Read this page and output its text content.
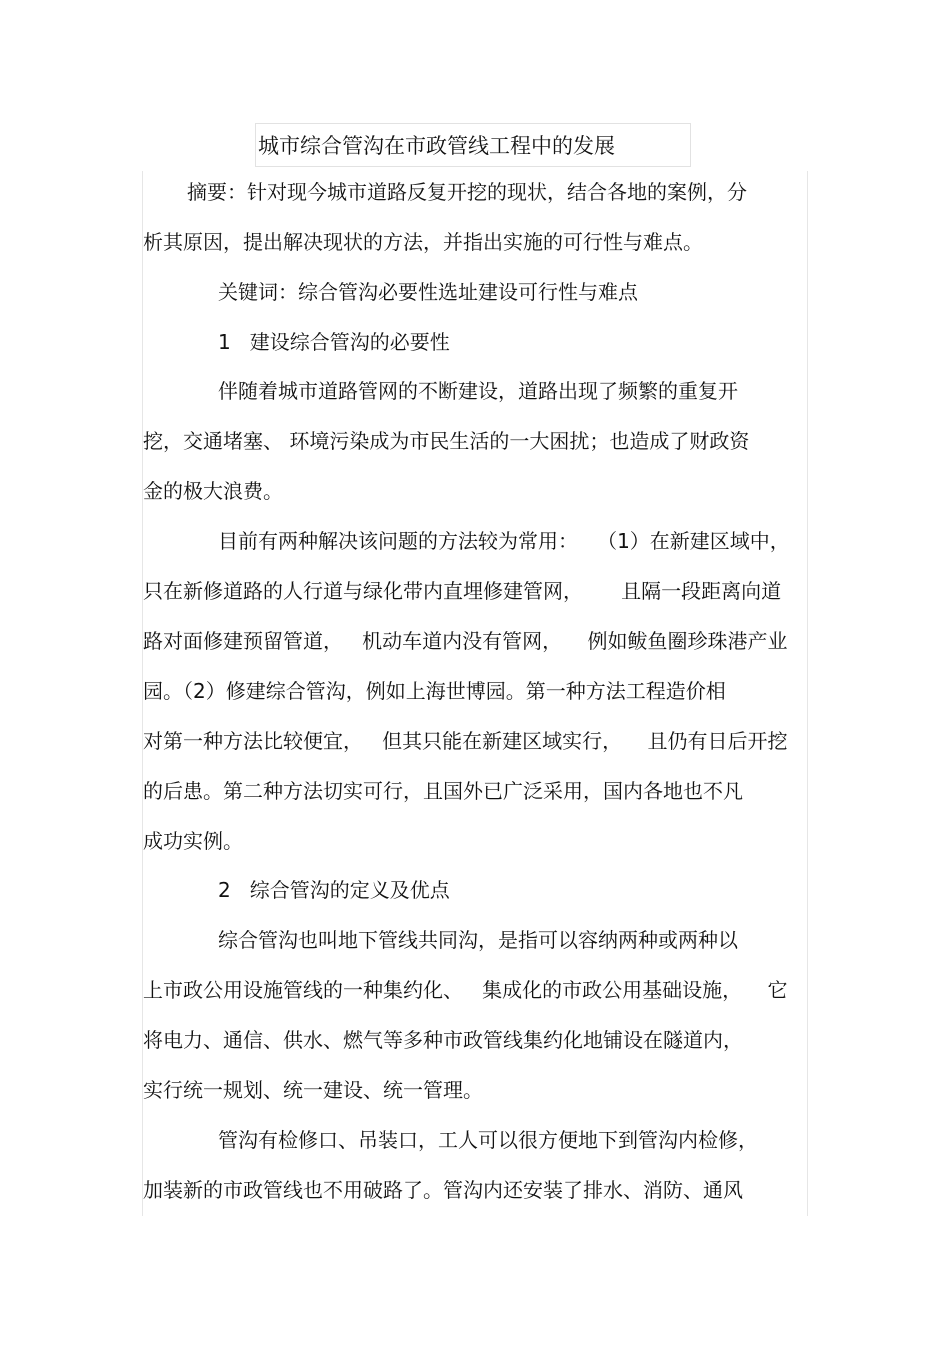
城市综合管沟在市政管线工程中的发展
摘要：针对现今城市道路反复开挖的现状，结合各地的案例，分
析其原因，提出解决现状的方法，并指出实施的可行性与难点。
关键词：综合管沟必要性选址建设可行性与难点
1   建设综合管沟的必要性
伴随着城市道路管网的不断建设，道路出现了频繁的重复开
挖，交通堵塞、 环境污染成为市民生活的一大困扰；也造成了财政资
金的极大浪费。
目前有两种解决该问题的方法较为常用：   （1）在新建区域中，
只在新修道路的人行道与绿化带内直埋修建管网，      且隔一段距离向道
路对面修建预留管道，   机动车道内没有管网，    例如鲅鱼圈珍珠港产业
园。（2）修建综合管沟，例如上海世博园。第一种方法工程造价相
对第一种方法比较便宜，   但其只能在新建区域实行，    且仍有日后开挖
的后患。第二种方法切实可行，且国外已广泛采用，国内各地也不凡
成功实例。
2   综合管沟的定义及优点
综合管沟也叫地下管线共同沟，是指可以容纳两种或两种以
上市政公用设施管线的一种集约化、   集成化的市政公用基础设施，    它
将电力、通信、供水、燃气等多种市政管线集约化地铺设在隧道内，
实行统一规划、统一建设、统一管理。
管沟有检修口、吊装口，工人可以很方便地下到管沟内检修，
加装新的市政管线也不用破路了。管沟内还安装了排水、消防、通风
